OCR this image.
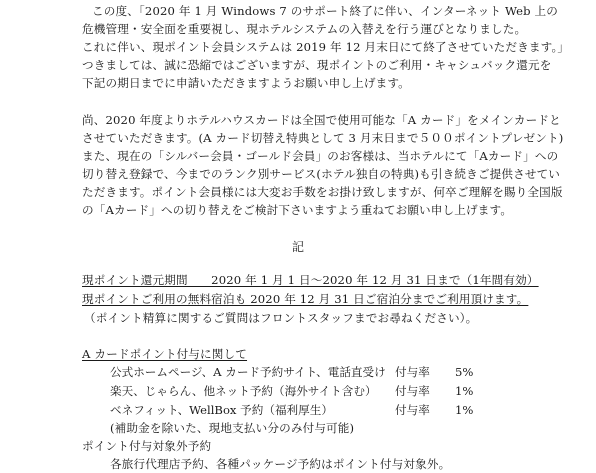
この度、「2020 年 1 月 Windows 7 のサポート終了に伴い、インターネット Web 上の
危機管理・安全面を重要視し、現ホテルシステムの入替えを行う運びとなりました。
これに伴い、現ポイント会員システムは 2019 年 12 月末日にて終了させていただきます。」
つきましては、誠に恐縮ではございますが、現ポイントのご利用・キャシュバック還元を
下記の期日までに申請いただきますようお願い申し上げます。
尚、2020 年度よりホテルハウスカードは全国で使用可能な「A カード」をメインカードと
させていただきます。(A カード切替え特典として 3 月末日まで５００ポイントプレゼント)
また、現在の「シルバー会員・ゴールド会員」のお客様は、当ホテルにて「Aカード」への
切り替え登録で、今までのランク別サービス(ホテル独自の特典)も引き続きご提供させてい
ただきます。ポイント会員様には大変お手数をお掛け致しますが、何卒ご理解を賜り全国版
の「Aカード」への切り替えをご検討下さいますよう重ねてお願い申し上げます。
記
現ポイント還元期間　　2020 年 1 月 1 日～2020 年 12 月 31 日まで（1年間有効）
現ポイントご利用の無料宿泊も 2020 年 12 月 31 日ご宿泊分までご利用頂けます。
（ポイント精算に関するご質問はフロントスタッフまでお尋ねください）。
A カードポイント付与に関して
公式ホームページ、A カード予約サイト、電話直受け 付与率 5%
楽天、じゃらん、他ネット予約（海外サイト含む） 付与率 1%
ベネフィット、WellBox 予約（福利厚生）	付与率 1%
(補助金を除いた、現地支払い分のみ付与可能)
ポイント付与対象外予約
各旅行代理店予約、各種パッケージ予約はポイント付与対象外。
